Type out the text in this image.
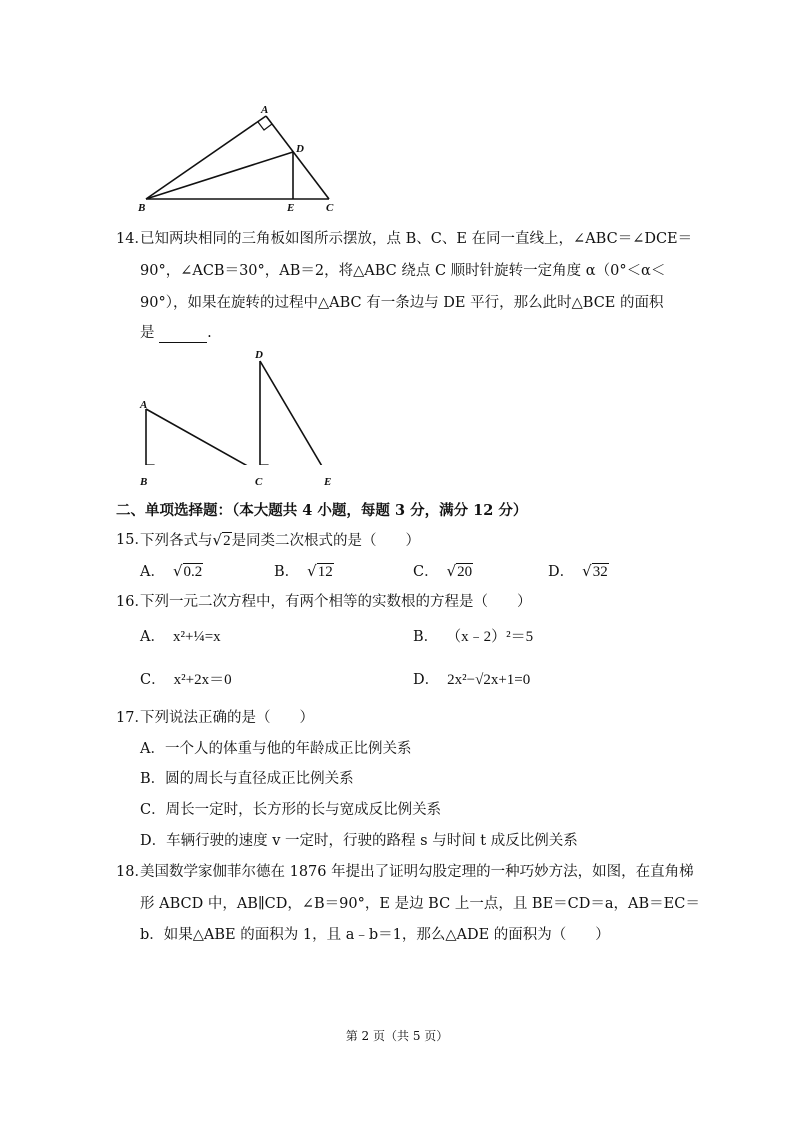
A
B
D
E	C
14．
已知两块相同的三角板如图所示摆放，点 B、C、E 在同一直线上，∠ABC＝∠DCE＝
90°，∠ACB＝30°，AB＝2，将△ABC 绕点 C 顺时针旋转一定角度 α（0°＜α＜
90°），如果在旋转的过程中△ABC 有一条边与 DE 平行，那么此时△BCE 的面积
是	.
D
A
B	C	E
二、单项选择题：（本大题共 4 小题，每题 3 分，满分 12 分）
15．
下列各式与√2是同类二次根式的是（　　）
A． √0.2	B． √12	C． √20	D． √32
16．
下列一元二次方程中，有两个相等的实数根的方程是（　　）
A． x²+¼=x	B． （x﹣2）²＝5
C． x²+2x＝0	D． 2x²−√2x+1=0
17．
下列说法正确的是（　　）
A．一个人的体重与他的年龄成正比例关系
B．圆的周长与直径成正比例关系
C．周长一定时，长方形的长与宽成反比例关系
D．车辆行驶的速度 v 一定时，行驶的路程 s 与时间 t 成反比例关系
18．
美国数学家伽菲尔德在 1876 年提出了证明勾股定理的一种巧妙方法，如图，在直角梯
形 ABCD 中，AB∥CD，∠B＝90°，E 是边 BC 上一点，且 BE＝CD＝a，AB＝EC＝
b．如果△ABE 的面积为 1，且 a﹣b＝1，那么△ADE 的面积为（　　）
第 2 页（共 5 页）
